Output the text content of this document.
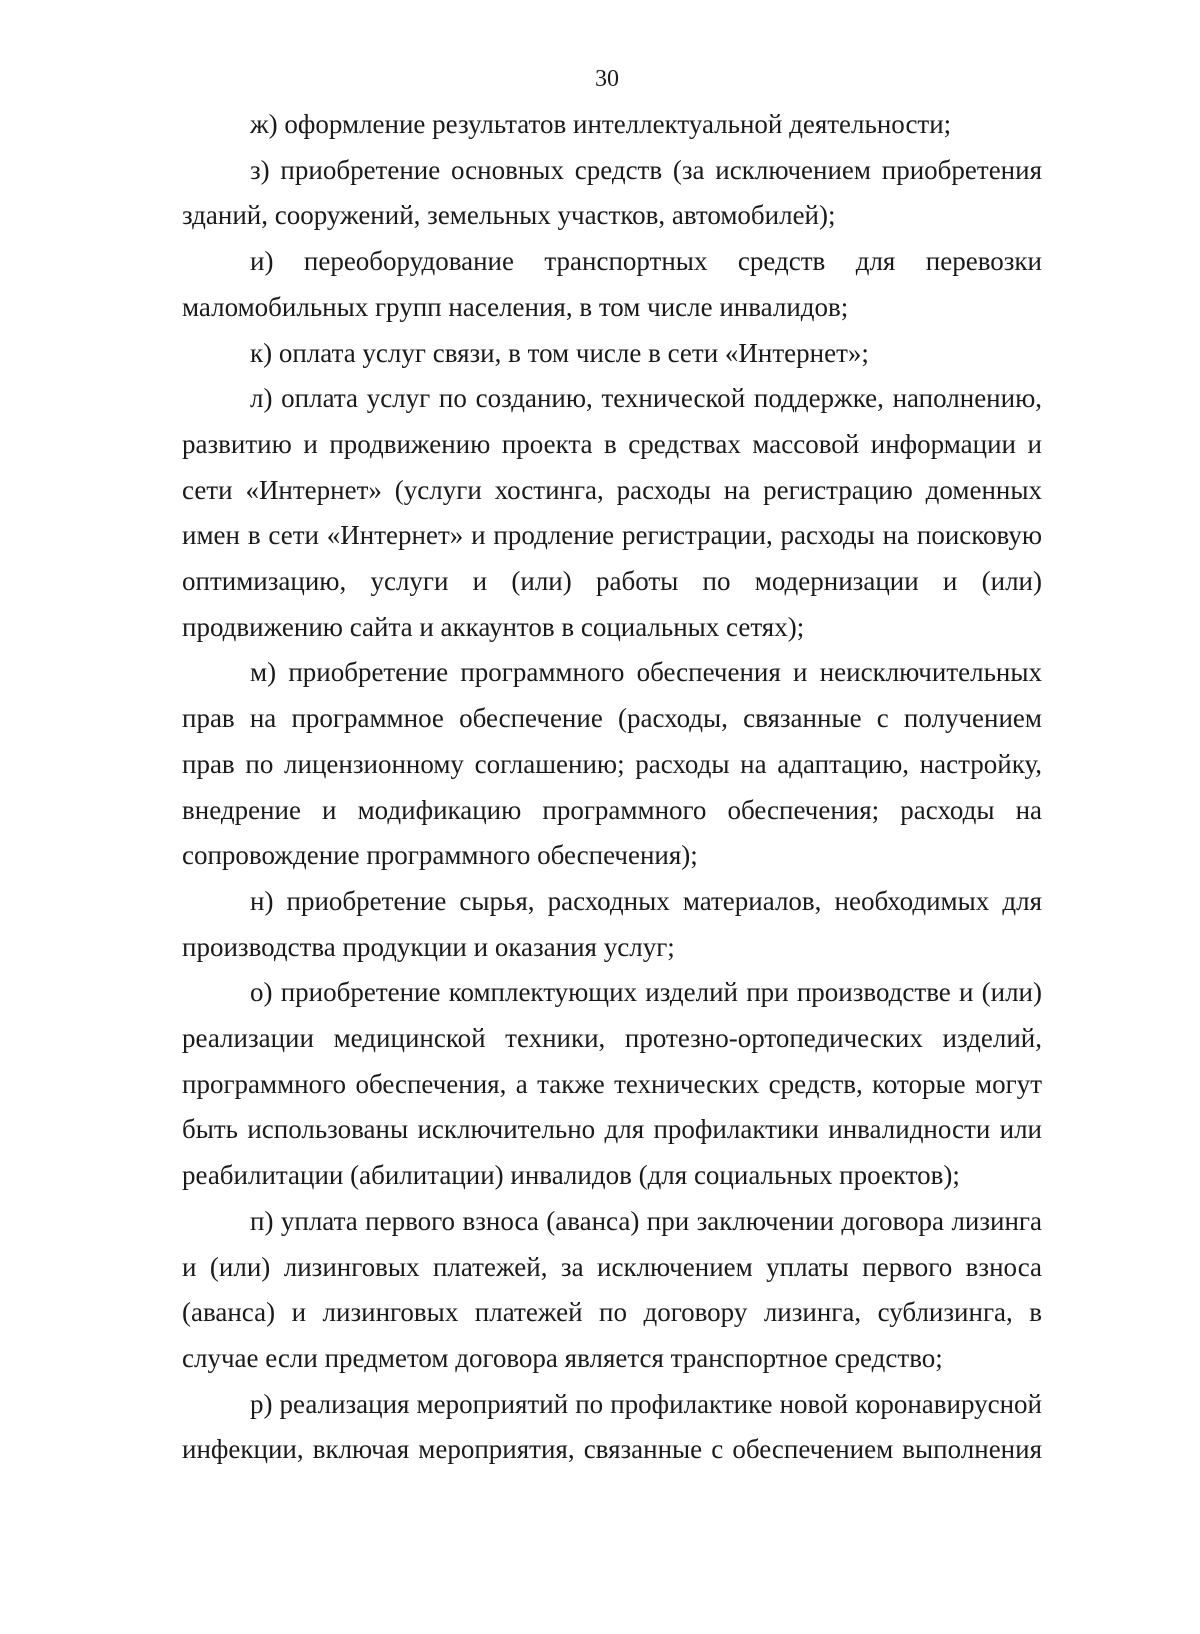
30

ж) оформление результатов интеллектуальной деятельности;

з) приобретение основных средств (за исключением приобретения зданий, сооружений, земельных участков, автомобилей);

и) переоборудование транспортных средств для перевозки маломобильных групп населения, в том числе инвалидов;

к) оплата услуг связи, в том числе в сети «Интернет»;

л) оплата услуг по созданию, технической поддержке, наполнению, развитию и продвижению проекта в средствах массовой информации и сети «Интернет» (услуги хостинга, расходы на регистрацию доменных имен в сети «Интернет» и продление регистрации, расходы на поисковую оптимизацию, услуги и (или) работы по модернизации и (или) продвижению сайта и аккаунтов в социальных сетях);

м) приобретение программного обеспечения и неисключительных прав на программное обеспечение (расходы, связанные с получением прав по лицензионному соглашению; расходы на адаптацию, настройку, внедрение и модификацию программного обеспечения; расходы на сопровождение программного обеспечения);

н) приобретение сырья, расходных материалов, необходимых для производства продукции и оказания услуг;

о) приобретение комплектующих изделий при производстве и (или) реализации медицинской техники, протезно-ортопедических изделий, программного обеспечения, а также технических средств, которые могут быть использованы исключительно для профилактики инвалидности или реабилитации (абилитации) инвалидов (для социальных проектов);

п) уплата первого взноса (аванса) при заключении договора лизинга и (или) лизинговых платежей, за исключением уплаты первого взноса (аванса) и лизинговых платежей по договору лизинга, сублизинга, в случае если предметом договора является транспортное средство;

р) реализация мероприятий по профилактике новой коронавирусной инфекции, включая мероприятия, связанные с обеспечением выполнения
